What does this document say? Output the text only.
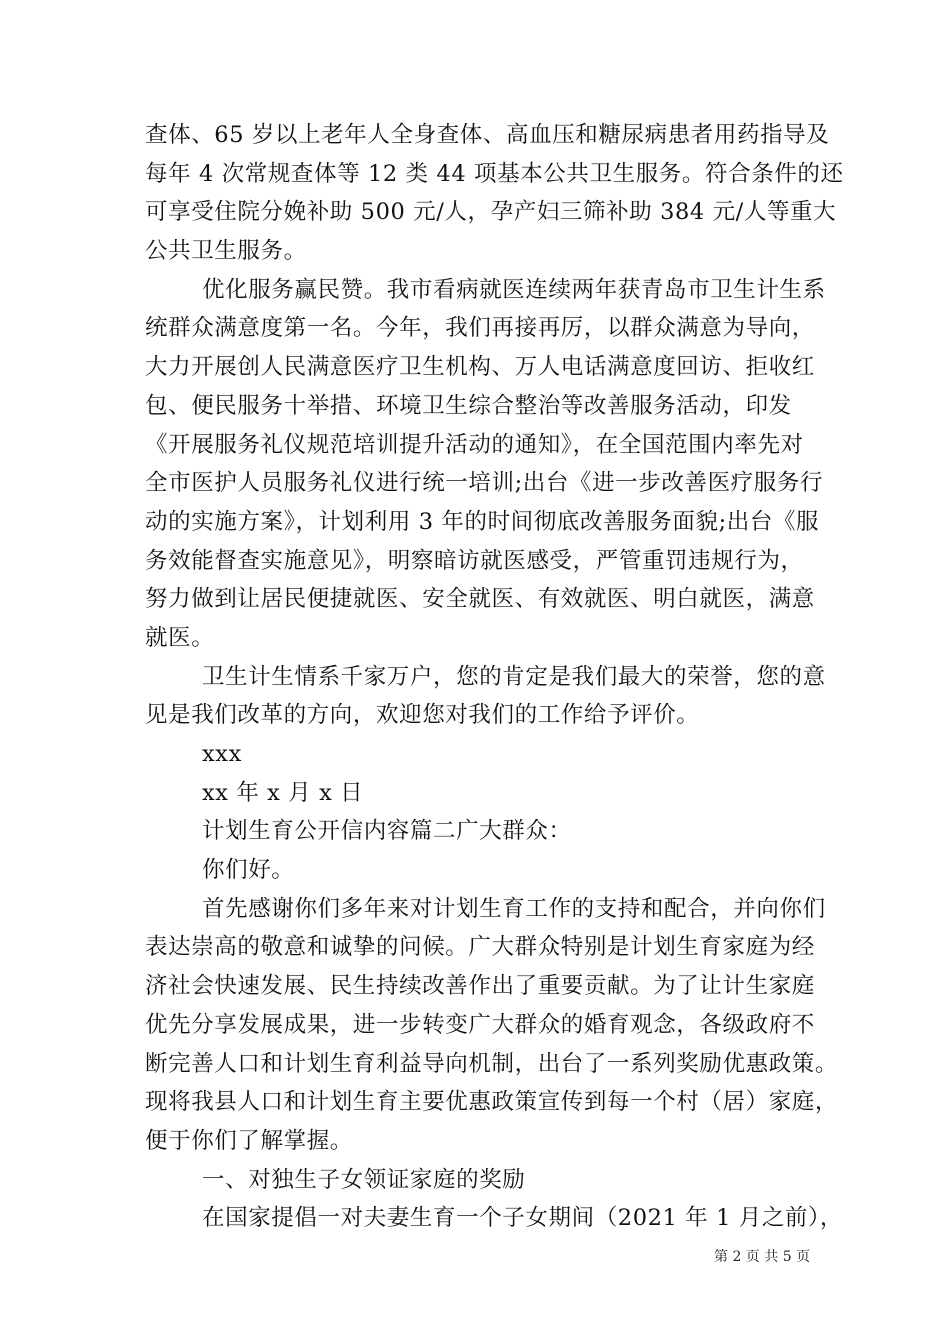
查体、65 岁以上老年人全身查体、高血压和糖尿病患者用药指导及
每年 4 次常规查体等 12 类 44 项基本公共卫生服务。符合条件的还
可享受住院分娩补助 500 元/人，孕产妇三筛补助 384 元/人等重大
公共卫生服务。
优化服务赢民赞。我市看病就医连续两年获青岛市卫生计生系
统群众满意度第一名。今年，我们再接再厉，以群众满意为导向，
大力开展创人民满意医疗卫生机构、万人电话满意度回访、拒收红
包、便民服务十举措、环境卫生综合整治等改善服务活动，印发
《开展服务礼仪规范培训提升活动的通知》，在全国范围内率先对
全市医护人员服务礼仪进行统一培训;出台《进一步改善医疗服务行
动的实施方案》，计划利用 3 年的时间彻底改善服务面貌;出台《服
务效能督查实施意见》，明察暗访就医感受，严管重罚违规行为，
努力做到让居民便捷就医、安全就医、有效就医、明白就医，满意
就医。
卫生计生情系千家万户，您的肯定是我们最大的荣誉，您的意
见是我们改革的方向，欢迎您对我们的工作给予评价。
xxx
xx 年 x 月 x 日
计划生育公开信内容篇二广大群众：
你们好。
首先感谢你们多年来对计划生育工作的支持和配合，并向你们
表达崇高的敬意和诚挚的问候。广大群众特别是计划生育家庭为经
济社会快速发展、民生持续改善作出了重要贡献。为了让计生家庭
优先分享发展成果，进一步转变广大群众的婚育观念，各级政府不
断完善人口和计划生育利益导向机制，出台了一系列奖励优惠政策。
现将我县人口和计划生育主要优惠政策宣传到每一个村（居）家庭，
便于你们了解掌握。
一、对独生子女领证家庭的奖励
在国家提倡一对夫妻生育一个子女期间（2021 年 1 月之前），
第 2 页 共 5 页
